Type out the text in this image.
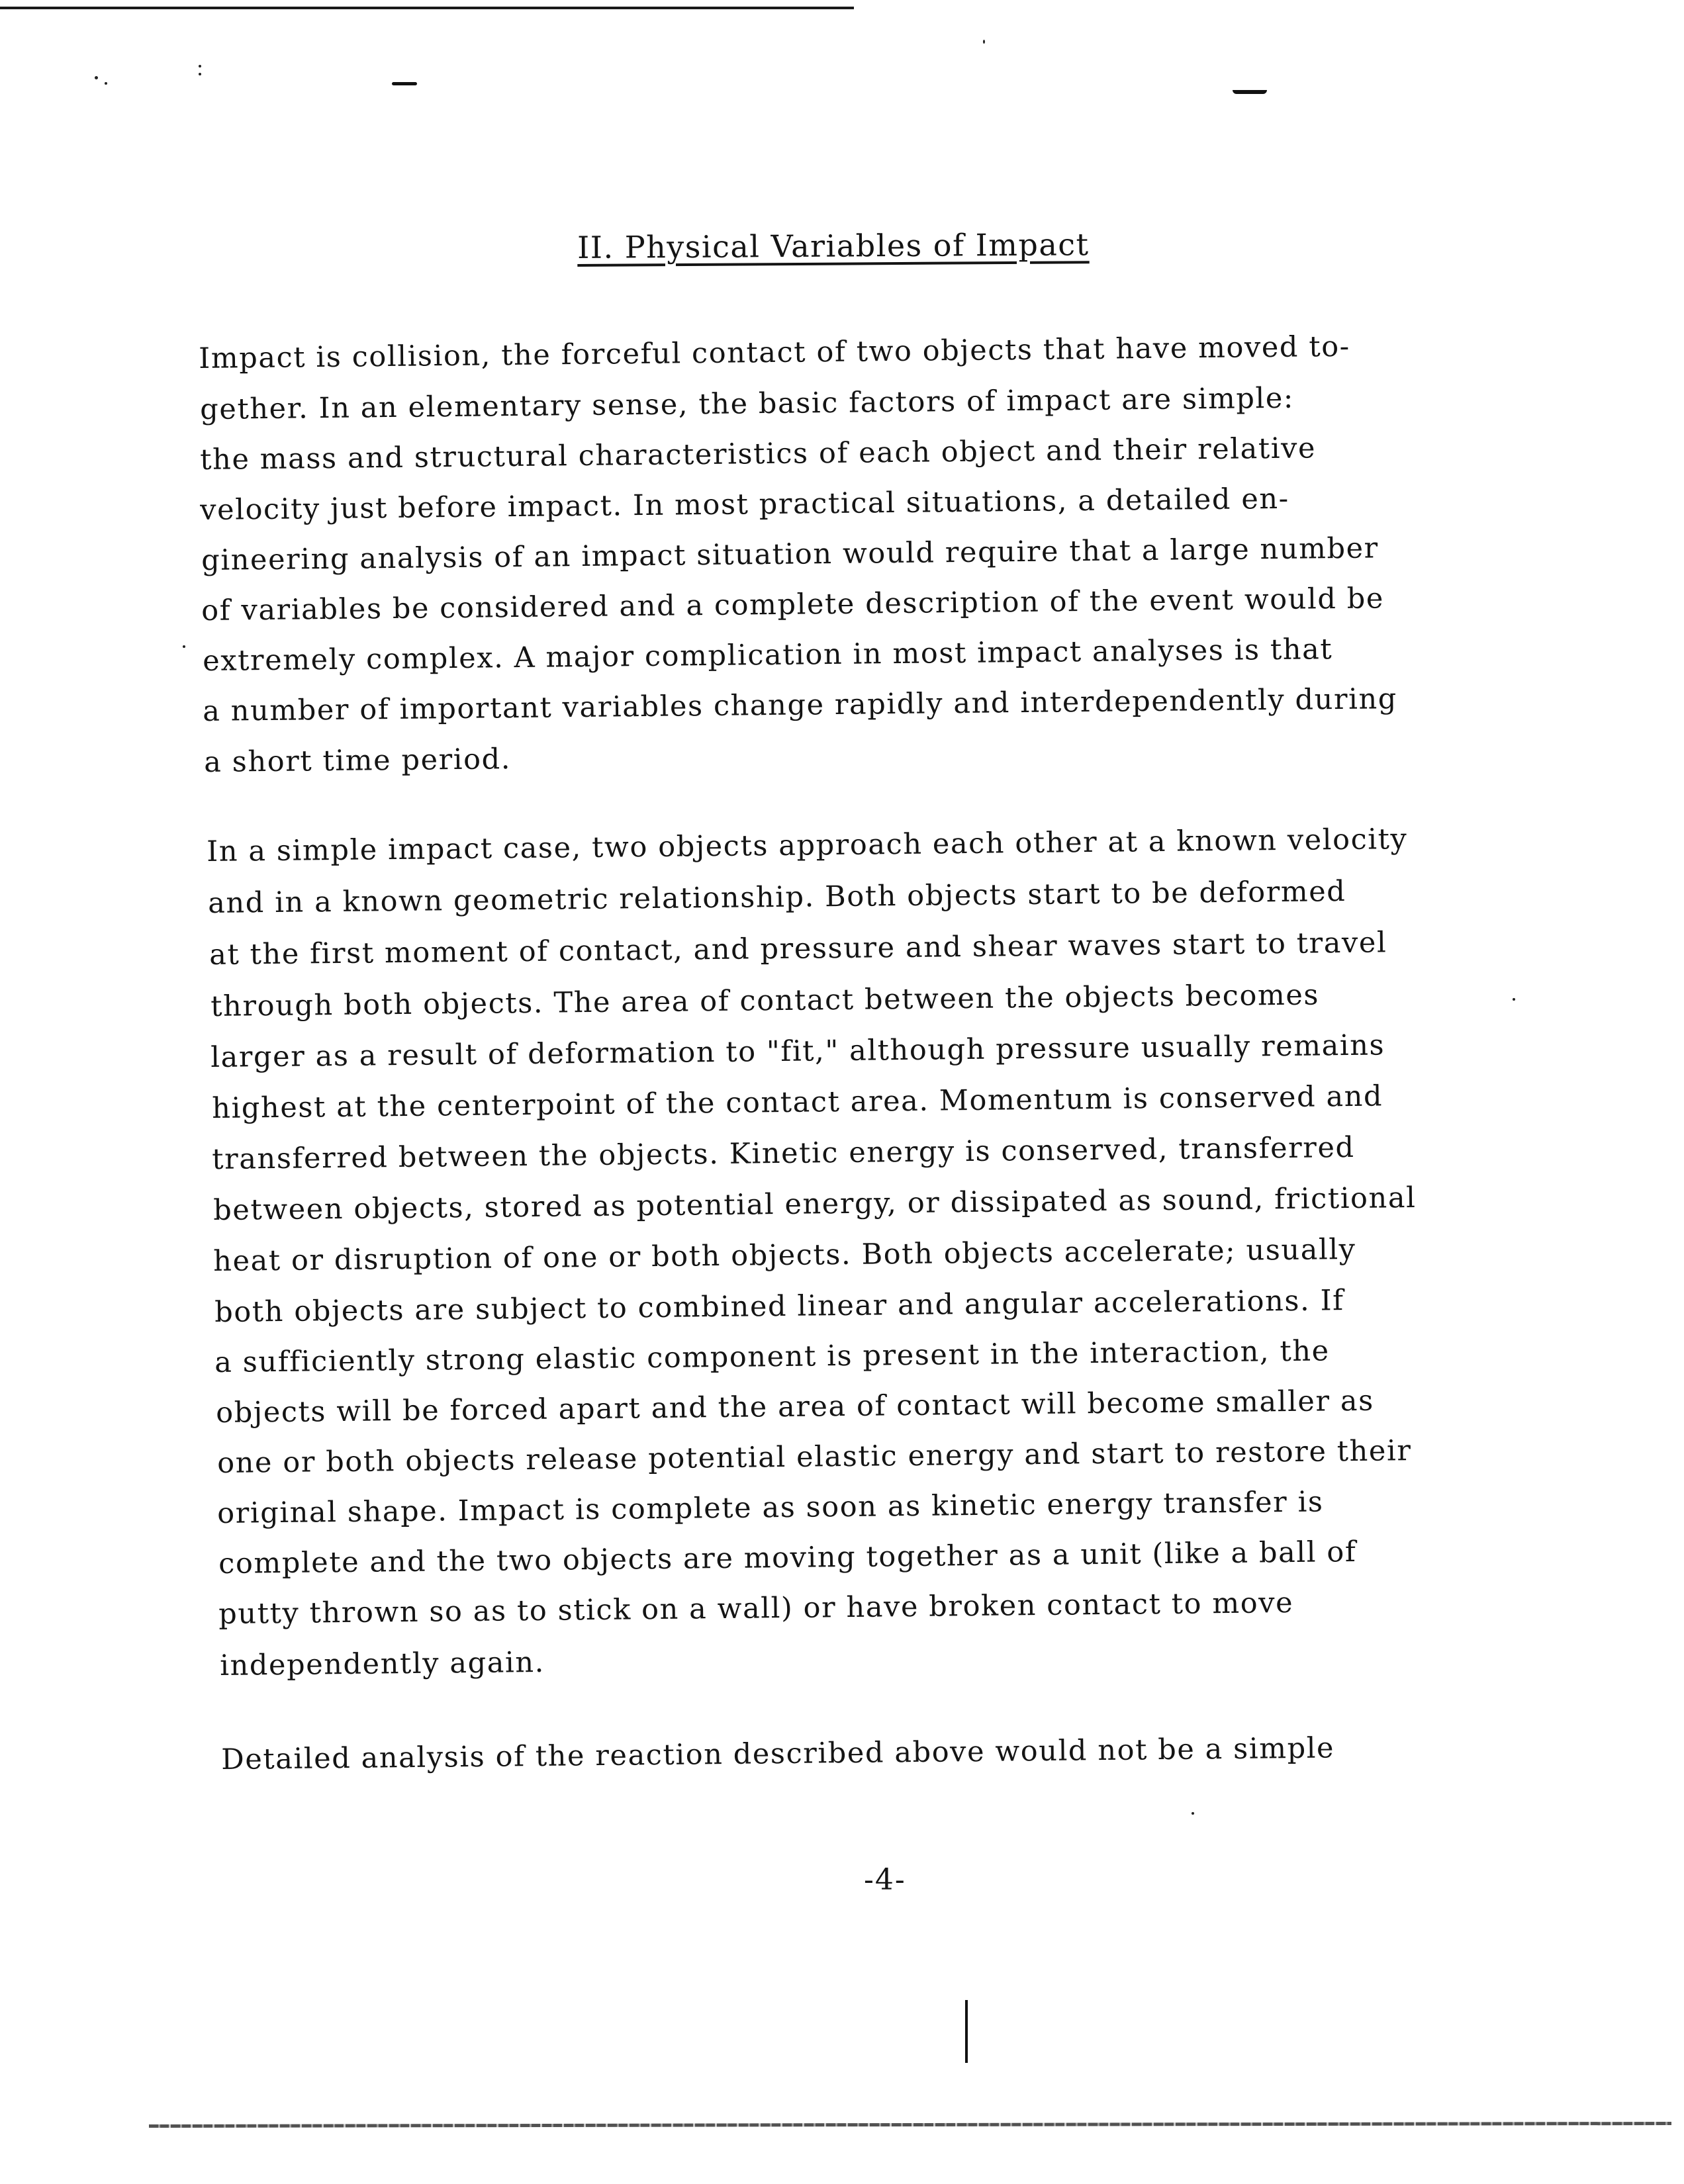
II. Physical Variables of Impact
Impact is collision, the forceful contact of two objects that have moved to-
gether. In an elementary sense, the basic factors of impact are simple:
the mass and structural characteristics of each object and their relative
velocity just before impact. In most practical situations, a detailed en-
gineering analysis of an impact situation would require that a large number
of variables be considered and a complete description of the event would be
extremely complex. A major complication in most impact analyses is that
a number of important variables change rapidly and interdependently during
a short time period.
In a simple impact case, two objects approach each other at a known velocity
and in a known geometric relationship. Both objects start to be deformed
at the first moment of contact, and pressure and shear waves start to travel
through both objects. The area of contact between the objects becomes
larger as a result of deformation to "fit," although pressure usually remains
highest at the centerpoint of the contact area. Momentum is conserved and
transferred between the objects. Kinetic energy is conserved, transferred
between objects, stored as potential energy, or dissipated as sound, frictional
heat or disruption of one or both objects. Both objects accelerate; usually
both objects are subject to combined linear and angular accelerations. If
a sufficiently strong elastic component is present in the interaction, the
objects will be forced apart and the area of contact will become smaller as
one or both objects release potential elastic energy and start to restore their
original shape. Impact is complete as soon as kinetic energy transfer is
complete and the two objects are moving together as a unit (like a ball of
putty thrown so as to stick on a wall) or have broken contact to move
independently again.
Detailed analysis of the reaction described above would not be a simple
-4-
